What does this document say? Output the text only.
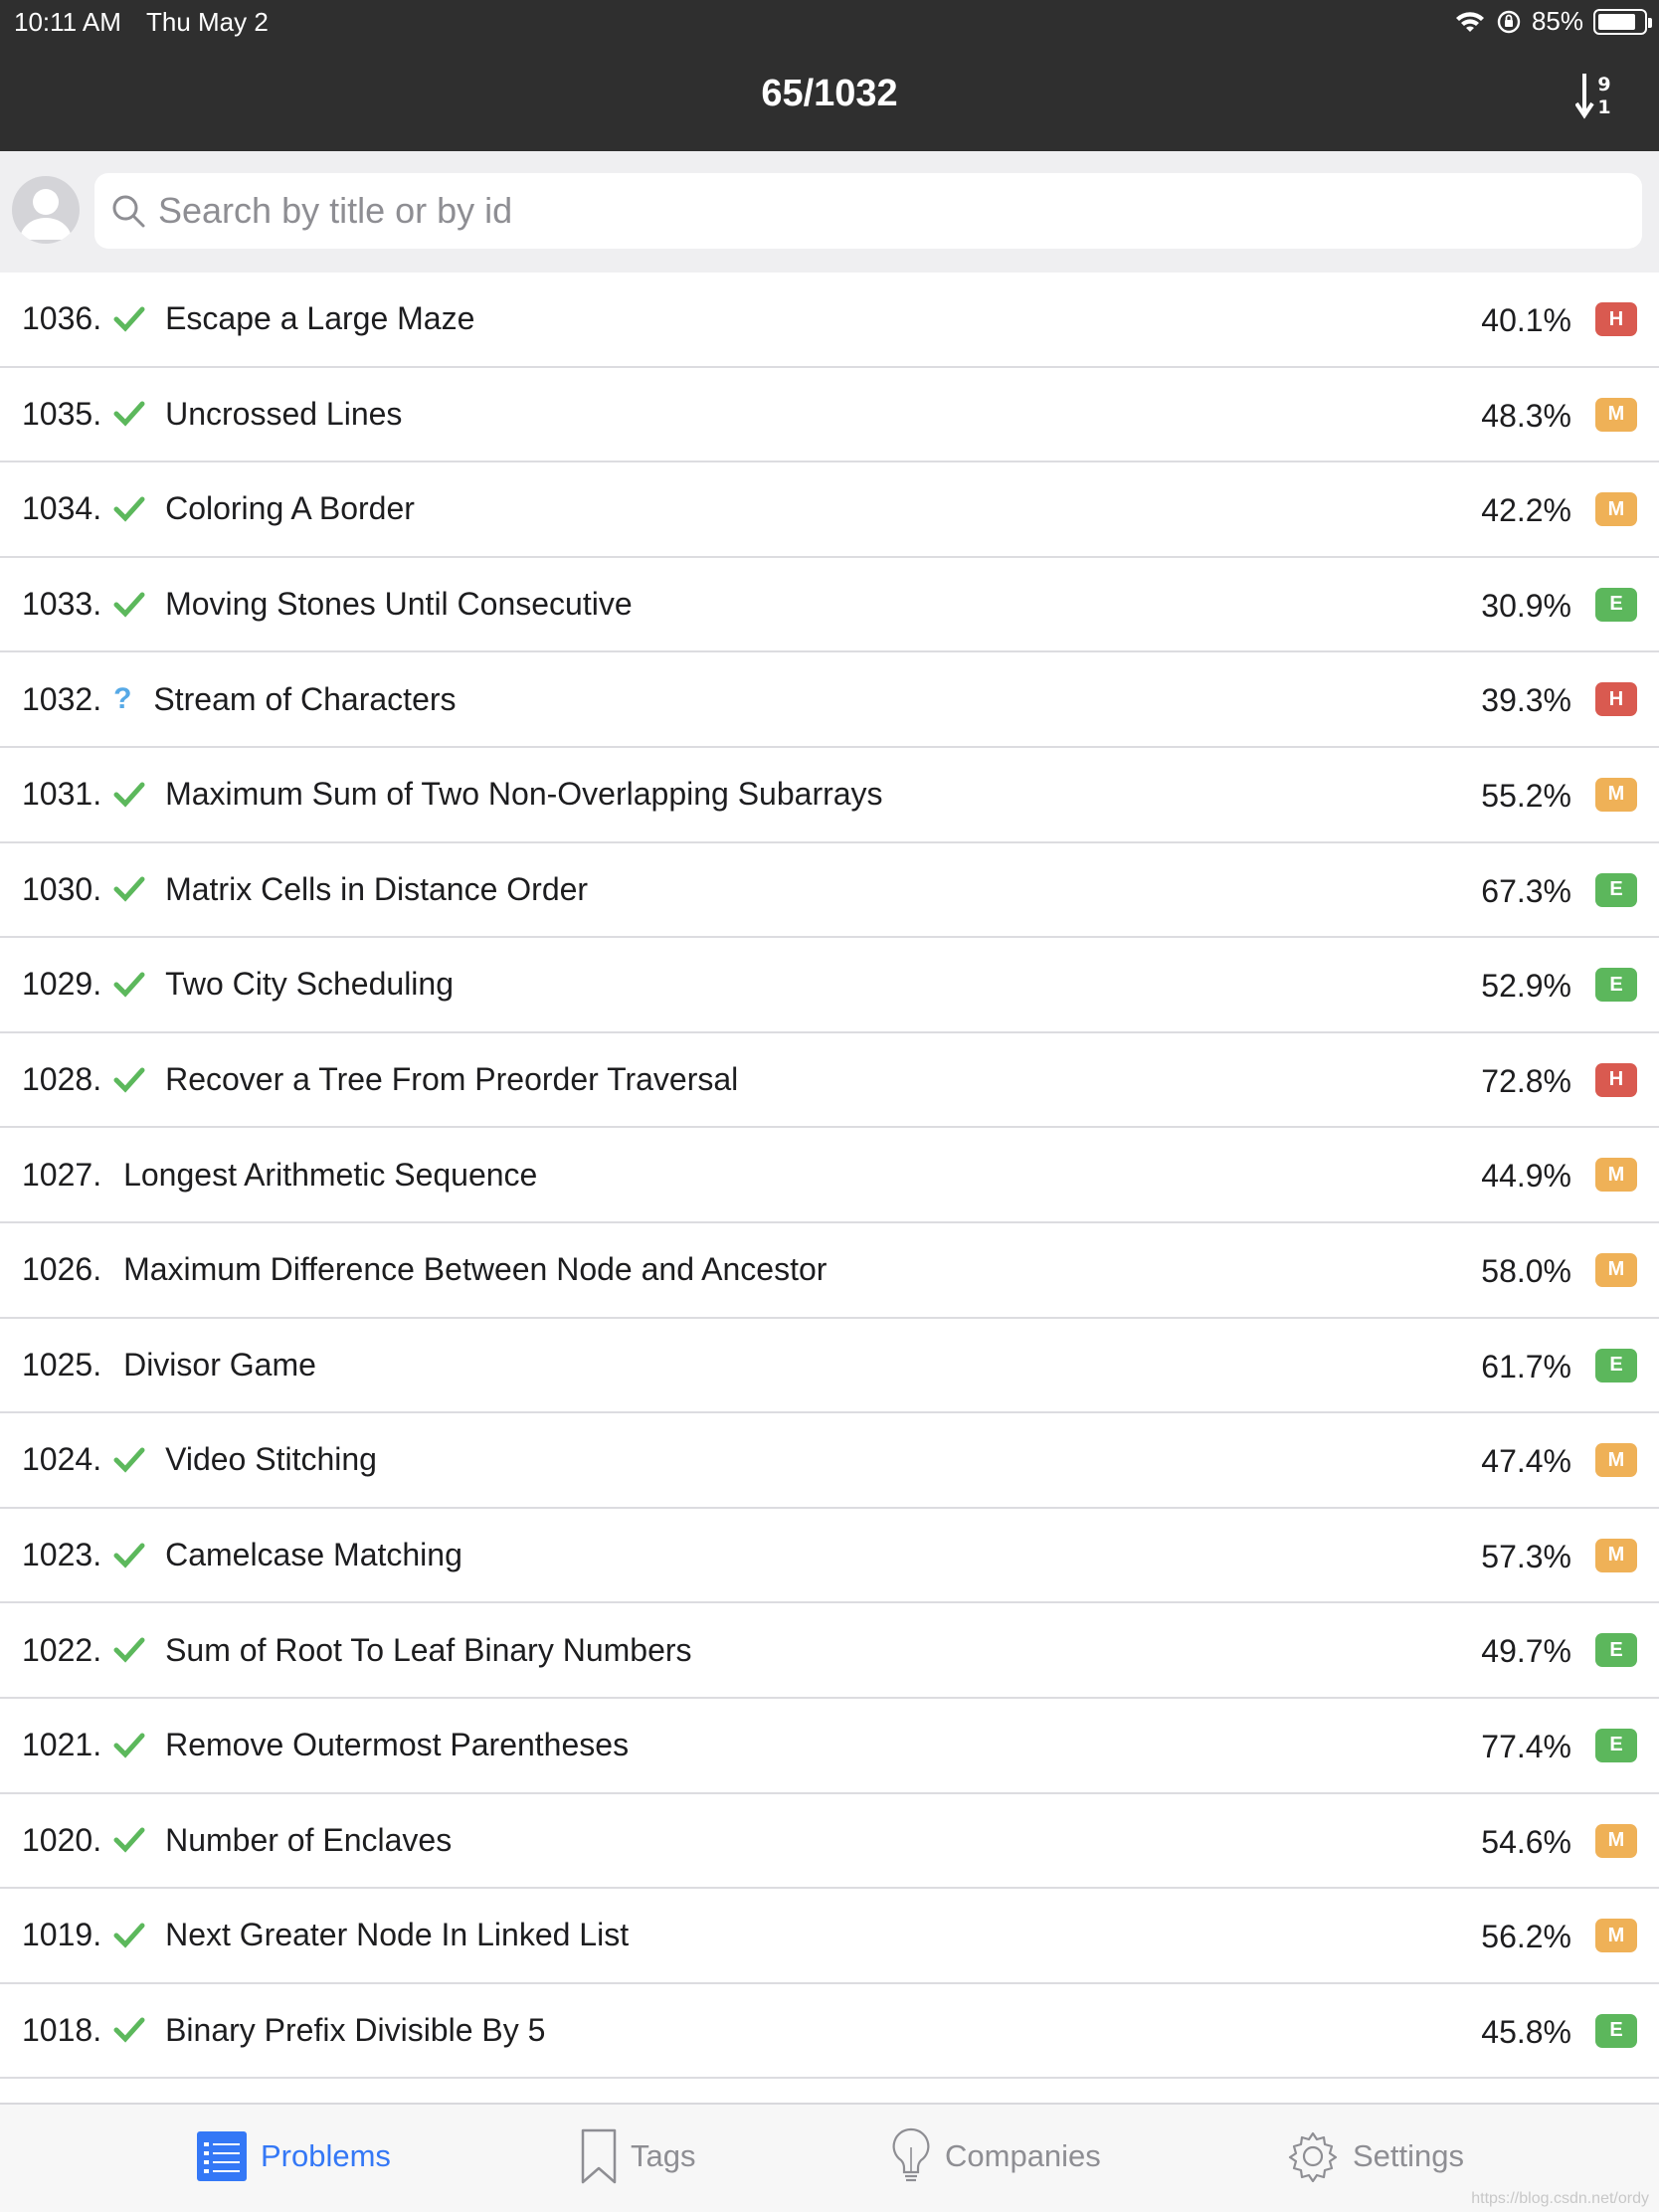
10:11 AM Thu May 2	85%
65/1032	9
1
Search by title or by id
1036. Escape a Large Maze	40.1%	H
1035. Uncrossed Lines	48.3%	M
1034. Coloring A Border	42.2%	M
1033. Moving Stones Until Consecutive	30.9%	E
1032. ? Stream of Characters	39.3%	H
1031. Maximum Sum of Two Non-Overlapping Subarrays	55.2%	M
1030. Matrix Cells in Distance Order	67.3%	E
1029. Two City Scheduling	52.9%	E
1028. Recover a Tree From Preorder Traversal	72.8%	H
1027. Longest Arithmetic Sequence	44.9%	M
1026. Maximum Difference Between Node and Ancestor	58.0%	M
1025. Divisor Game	61.7%	E
1024. Video Stitching	47.4%	M
1023. Camelcase Matching	57.3%	M
1022. Sum of Root To Leaf Binary Numbers	49.7%	E
1021. Remove Outermost Parentheses	77.4%	E
1020. Number of Enclaves	54.6%	M
1019. Next Greater Node In Linked List	56.2%	M
1018. Binary Prefix Divisible By 5	45.8%	E
Problems	Tags	Companies	Settings
https://blog.csdn.net/ordy
